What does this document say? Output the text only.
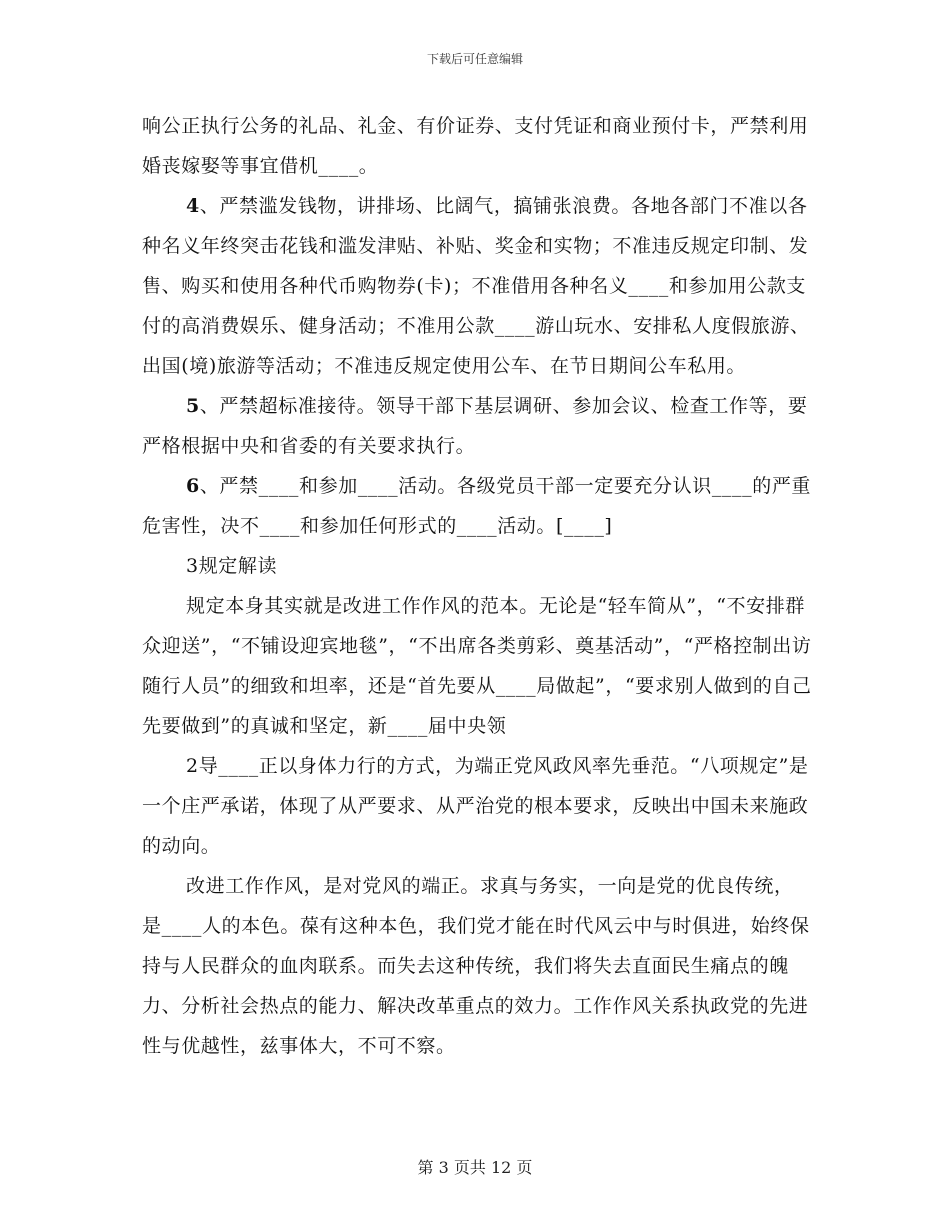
下载后可任意编辑

响公正执行公务的礼品、礼金、有价证券、支付凭证和商业预付卡，严禁利用婚丧嫁娶等事宜借机____。

4、严禁滥发钱物，讲排场、比阔气，搞铺张浪费。各地各部门不准以各种名义年终突击花钱和滥发津贴、补贴、奖金和实物；不准违反规定印制、发售、购买和使用各种代币购物券(卡)；不准借用各种名义____和参加用公款支付的高消费娱乐、健身活动；不准用公款____游山玩水、安排私人度假旅游、出国(境)旅游等活动；不准违反规定使用公车、在节日期间公车私用。

5、严禁超标准接待。领导干部下基层调研、参加会议、检查工作等，要严格根据中央和省委的有关要求执行。

6、严禁____和参加____活动。各级党员干部一定要充分认识____的严重危害性，决不____和参加任何形式的____活动。[____]

3规定解读

规定本身其实就是改进工作作风的范本。无论是“轻车简从”，“不安排群众迎送”，“不铺设迎宾地毯”，“不出席各类剪彩、奠基活动”，“严格控制出访随行人员”的细致和坦率，还是“首先要从____局做起”，“要求别人做到的自己先要做到”的真诚和坚定，新____届中央领

2导____正以身体力行的方式，为端正党风政风率先垂范。“八项规定”是一个庄严承诺，体现了从严要求、从严治党的根本要求，反映出中国未来施政的动向。

改进工作作风，是对党风的端正。求真与务实，一向是党的优良传统，是____人的本色。葆有这种本色，我们党才能在时代风云中与时俱进，始终保持与人民群众的血肉联系。而失去这种传统，我们将失去直面民生痛点的魄力、分析社会热点的能力、解决改革重点的效力。工作作风关系执政党的先进性与优越性，兹事体大，不可不察。

第 3 页共 12 页
